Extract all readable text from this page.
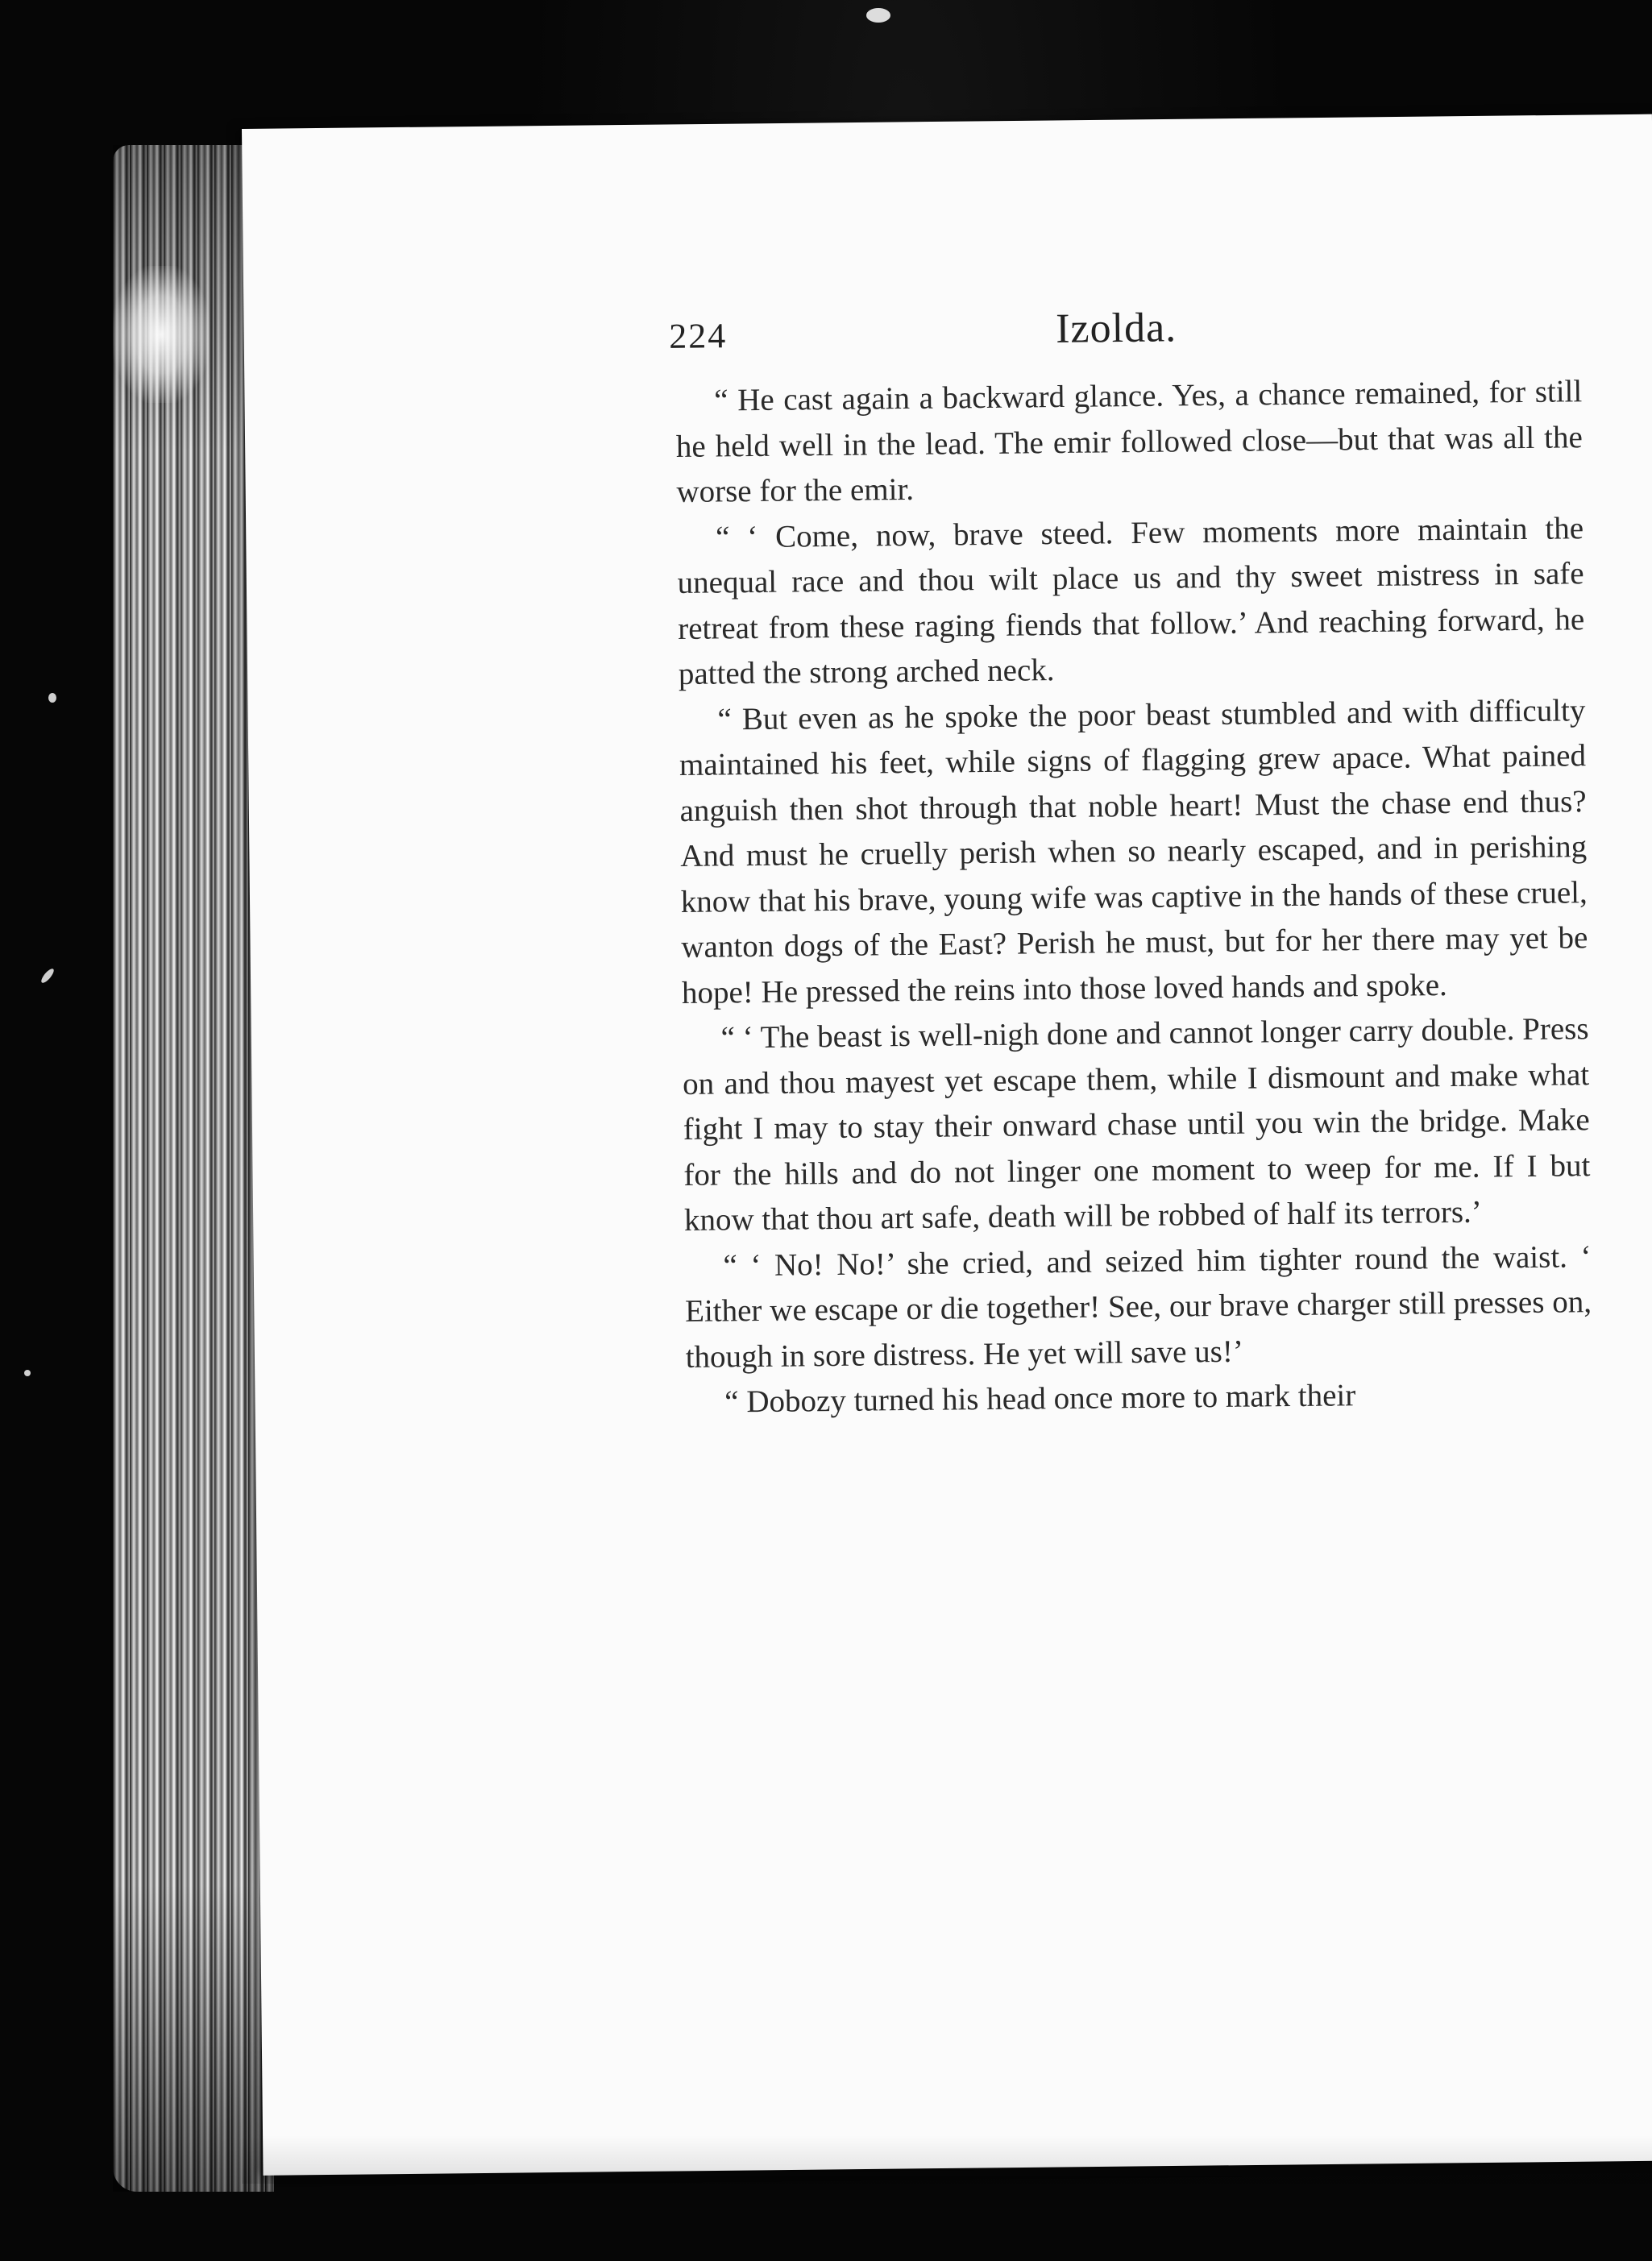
224	Izolda.

“ He cast again a backward glance. Yes, a chance remained, for still he held well in the lead. The emir followed close—but that was all the worse for the emir.

“ ‘ Come, now, brave steed. Few moments more maintain the unequal race and thou wilt place us and thy sweet mistress in safe retreat from these raging fiends that follow.’ And reaching forward, he patted the strong arched neck.

“ But even as he spoke the poor beast stumbled and with difficulty maintained his feet, while signs of flagging grew apace. What pained anguish then shot through that noble heart! Must the chase end thus? And must he cruelly perish when so nearly escaped, and in perishing know that his brave, young wife was captive in the hands of these cruel, wanton dogs of the East? Perish he must, but for her there may yet be hope! He pressed the reins into those loved hands and spoke.

“ ‘ The beast is well-nigh done and cannot longer carry double. Press on and thou mayest yet escape them, while I dismount and make what fight I may to stay their onward chase until you win the bridge. Make for the hills and do not linger one moment to weep for me. If I but know that thou art safe, death will be robbed of half its terrors.’

“ ‘ No! No!’ she cried, and seized him tighter round the waist. ‘ Either we escape or die together! See, our brave charger still presses on, though in sore distress. He yet will save us!’

“ Dobozy turned his head once more to mark their
